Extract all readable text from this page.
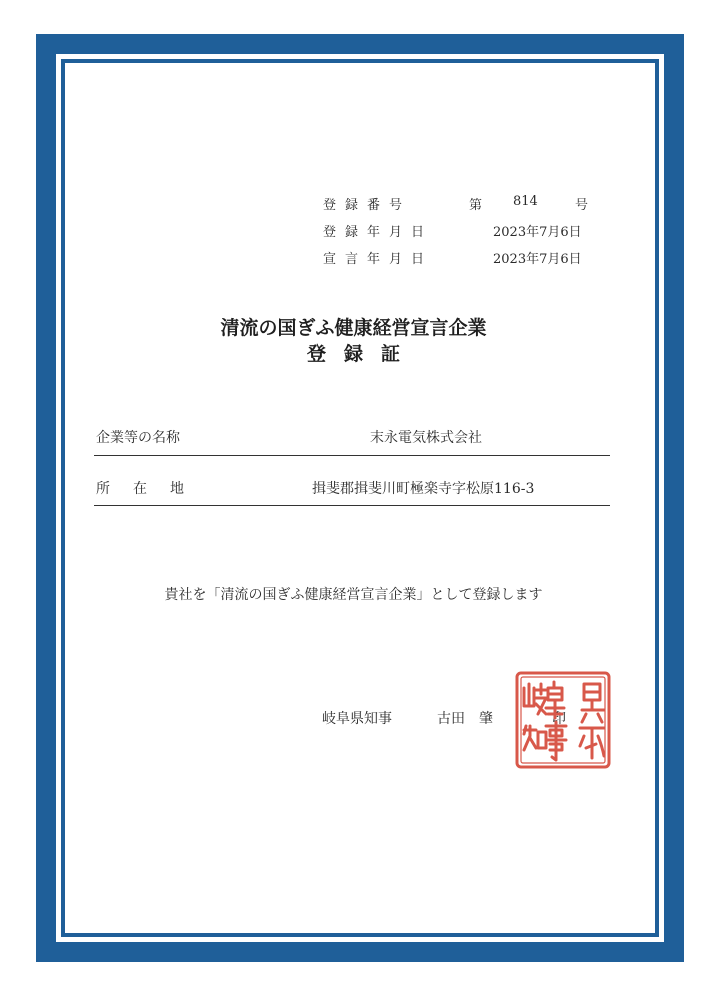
登録番号	第 814	号
登録年月日	2023年7月6日
宣言年月日	2023年7月6日
清流の国ぎふ健康経営宣言企業
登録証
企業等の名称	末永電気株式会社
所在地	揖斐郡揖斐川町極楽寺字松原116-3
貴社を「清流の国ぎふ健康経営宣言企業」として登録します
岐阜県知事	古田　肇	印
